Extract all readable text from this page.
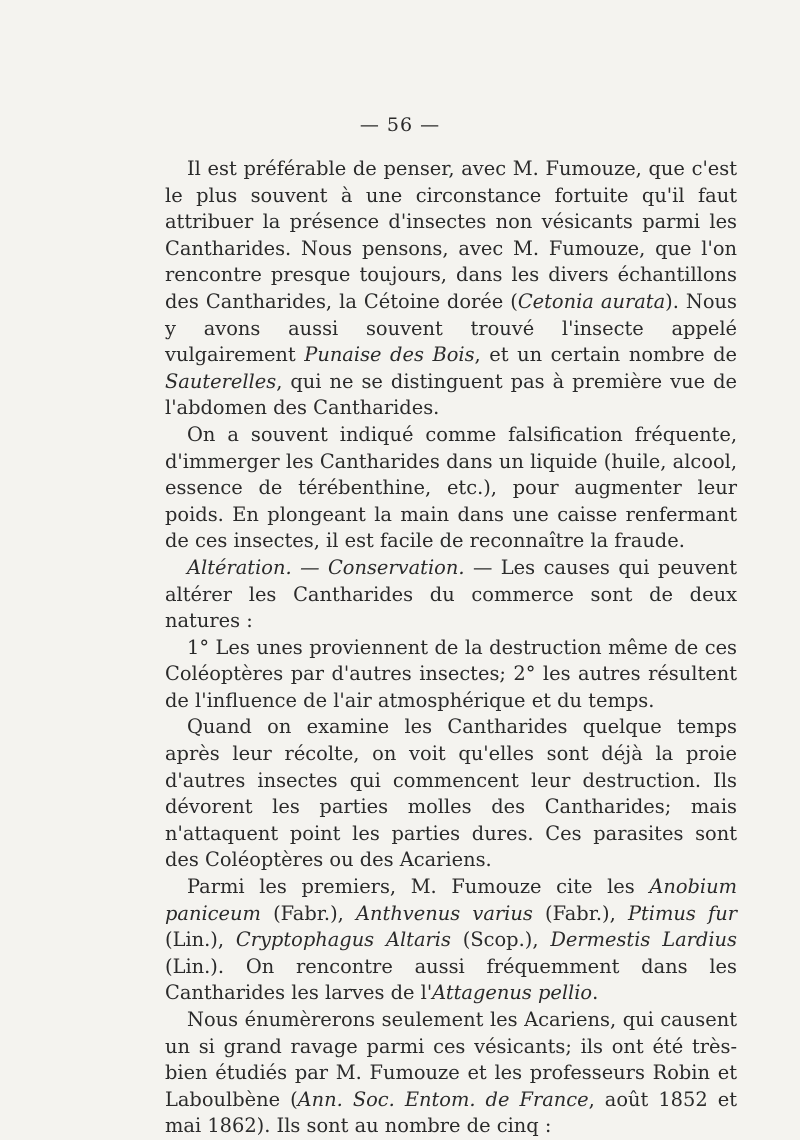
— 56 —

Il est préférable de penser, avec M. Fumouze, que c'est le plus souvent à une circonstance fortuite qu'il faut attribuer la présence d'insectes non vésicants parmi les Cantharides. Nous pensons, avec M. Fumouze, que l'on rencontre presque toujours, dans les divers échantillons des Cantharides, la Cétoine dorée (Cetonia aurata). Nous y avons aussi souvent trouvé l'insecte appelé vulgairement Punaise des Bois, et un certain nombre de Sauterelles, qui ne se distinguent pas à première vue de l'abdomen des Cantharides.

On a souvent indiqué comme falsification fréquente, d'immerger les Cantharides dans un liquide (huile, alcool, essence de térébenthine, etc.), pour augmenter leur poids. En plongeant la main dans une caisse renfermant de ces insectes, il est facile de reconnaître la fraude.

Altération. — Conservation. — Les causes qui peuvent altérer les Cantharides du commerce sont de deux natures :

1° Les unes proviennent de la destruction même de ces Coléoptères par d'autres insectes; 2° les autres résultent de l'influence de l'air atmosphérique et du temps.

Quand on examine les Cantharides quelque temps après leur récolte, on voit qu'elles sont déjà la proie d'autres insectes qui commencent leur destruction. Ils dévorent les parties molles des Cantharides; mais n'attaquent point les parties dures. Ces parasites sont des Coléoptères ou des Acariens.

Parmi les premiers, M. Fumouze cite les Anobium paniceum (Fabr.), Anthvenus varius (Fabr.), Ptimus fur (Lin.), Cryptophagus Altaris (Scop.), Dermestis Lardius (Lin.). On rencontre aussi fréquemment dans les Cantharides les larves de l'Attagenus pellio.

Nous énumèrerons seulement les Acariens, qui causent un si grand ravage parmi ces vésicants; ils ont été très-bien étudiés par M. Fumouze et les professeurs Robin et Laboulbène (Ann. Soc. Entom. de France, août 1852 et mai 1862). Ils sont au nombre de cinq :
